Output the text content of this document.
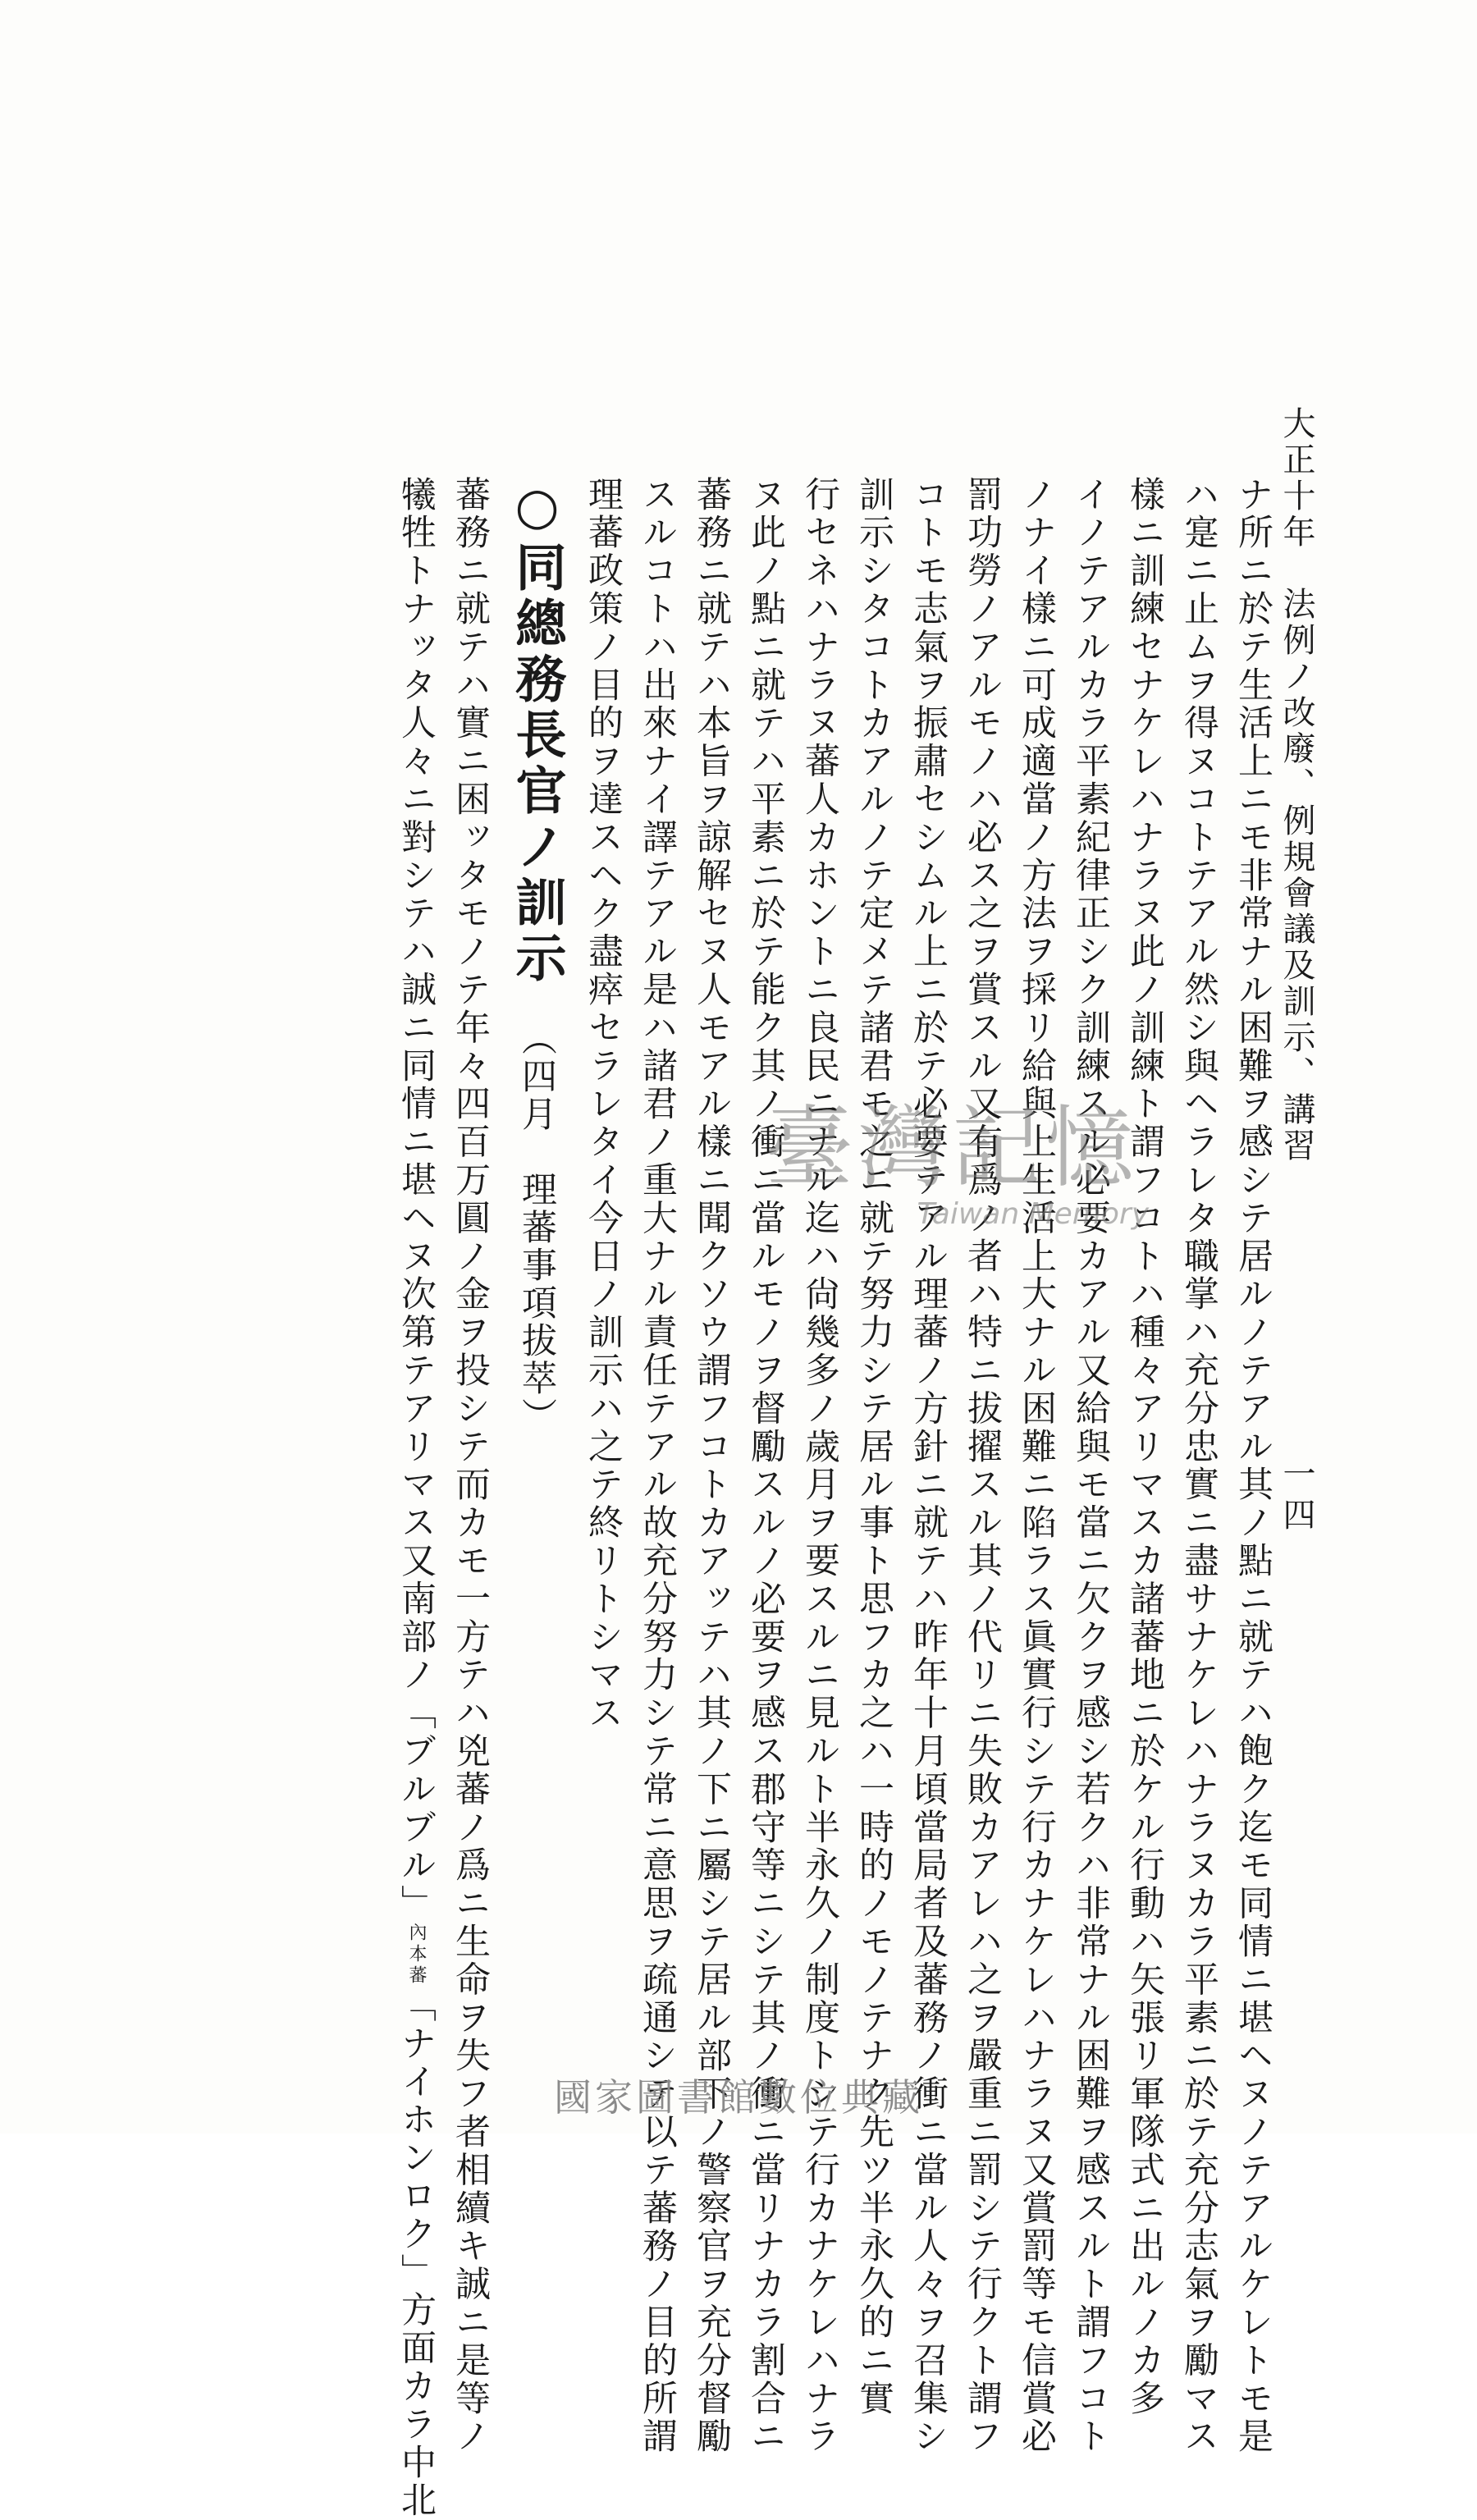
大正十年　法例ノ改廢、例規會議及訓示、講習
一四
ナ所ニ於テ生活上ニモ非常ナル困難ヲ感シテ居ルノテアル其ノ點ニ就テハ飽ク迄モ同情ニ堪ヘヌノテアルケレトモ是
ハ寔ニ止ムヲ得ヌコトテアル然シ與ヘラレタ職掌ハ充分忠實ニ盡サナケレハナラヌカラ平素ニ於テ充分志氣ヲ勵マス
樣ニ訓練セナケレハナラヌ此ノ訓練ト謂フコトハ種々アリマスカ諸蕃地ニ於ケル行動ハ矢張リ軍隊式ニ出ルノカ多
イノテアルカラ平素紀律正シク訓練スル必要カアル又給與モ當ニ欠クヲ感シ若クハ非常ナル困難ヲ感スルト謂フコト
ノナイ樣ニ可成適當ノ方法ヲ採リ給與上生活上大ナル困難ニ陷ラス眞實行シテ行カナケレハナラヌ又賞罰等モ信賞必
罰功勞ノアルモノハ必ス之ヲ賞スル又有爲ノ者ハ特ニ拔擢スル其ノ代リニ失敗カアレハ之ヲ嚴重ニ罰シテ行クト謂フ
コトモ志氣ヲ振肅セシムル上ニ於テ必要テアル理蕃ノ方針ニ就テハ昨年十月頃當局者及蕃務ノ衝ニ當ル人々ヲ召集シ
訓示シタコトカアルノテ定メテ諸君モ之ニ就テ努力シテ居ル事ト思フカ之ハ一時的ノモノテナク先ツ半永久的ニ實
行セネハナラヌ蕃人カホントニ良民ニナル迄ハ尙幾多ノ歲月ヲ要スルニ見ルト半永久ノ制度トシテ行カナケレハナラ
ヌ此ノ點ニ就テハ平素ニ於テ能ク其ノ衝ニ當ルモノヲ督勵スルノ必要ヲ感ス郡守等ニシテ其ノ衝ニ當リナカラ割合ニ
蕃務ニ就テハ本旨ヲ諒解セヌ人モアル樣ニ聞クソウ謂フコトカアッテハ其ノ下ニ屬シテ居ル部下ノ警察官ヲ充分督勵
スルコトハ出來ナイ譯テアル是ハ諸君ノ重大ナル責任テアル故充分努力シテ常ニ意思ヲ疏通シテ以テ蕃務ノ目的所謂
理蕃政策ノ目的ヲ達スヘク盡瘁セラレタイ今日ノ訓示ハ之テ終リトシマス
○同總務長官ノ訓示（四月　理蕃事項拔萃）
蕃務ニ就テハ實ニ困ッタモノテ年々四百万圓ノ金ヲ投シテ而カモ一方テハ兇蕃ノ爲ニ生命ヲ失フ者相續キ誠ニ是等ノ
犧牲トナッタ人々ニ對シテハ誠ニ同情ニ堪ヘヌ次第テアリマス又南部ノ「ブルブル」內本蕃「ナイホンロク」方面カラ中北
臺灣記憶
Taiwan Memory
國家圖書館數位典藏
